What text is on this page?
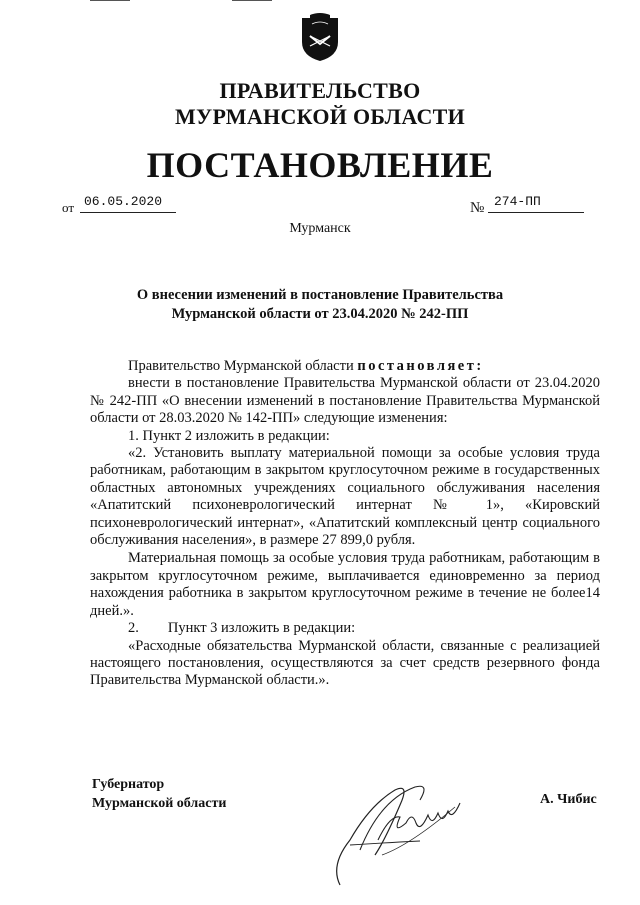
ПРАВИТЕЛЬСТВО
МУРМАНСКОЙ ОБЛАСТИ
ПОСТАНОВЛЕНИЕ
от 06.05.2020	№ 274-ПП
Мурманск
О внесении изменений в постановление Правительства
Мурманской области от 23.04.2020 № 242-ПП
Правительство Мурманской области постановляет:
внести в постановление Правительства Мурманской области от 23.04.2020 № 242-ПП «О внесении изменений в постановление Правительства Мурманской области от 28.03.2020 № 142-ПП» следующие изменения:
1. Пункт 2 изложить в редакции:
«2. Установить выплату материальной помощи за особые условия труда работникам, работающим в закрытом круглосуточном режиме в государственных областных автономных учреждениях социального обслуживания населения «Апатитский психоневрологический интернат № 1», «Кировский психоневрологический интернат», «Апатитский комплексный центр социального обслуживания населения», в размере 27 899,0 рубля.
Материальная помощь за особые условия труда работникам, работающим в закрытом круглосуточном режиме, выплачивается единовременно за период нахождения работника в закрытом круглосуточном режиме в течение не более14 дней.».
2.        Пункт 3 изложить в редакции:
«Расходные обязательства Мурманской области, связанные с реализацией настоящего постановления, осуществляются за счет средств резервного фонда Правительства Мурманской области.».
Губернатор
Мурманской области	А. Чибис
